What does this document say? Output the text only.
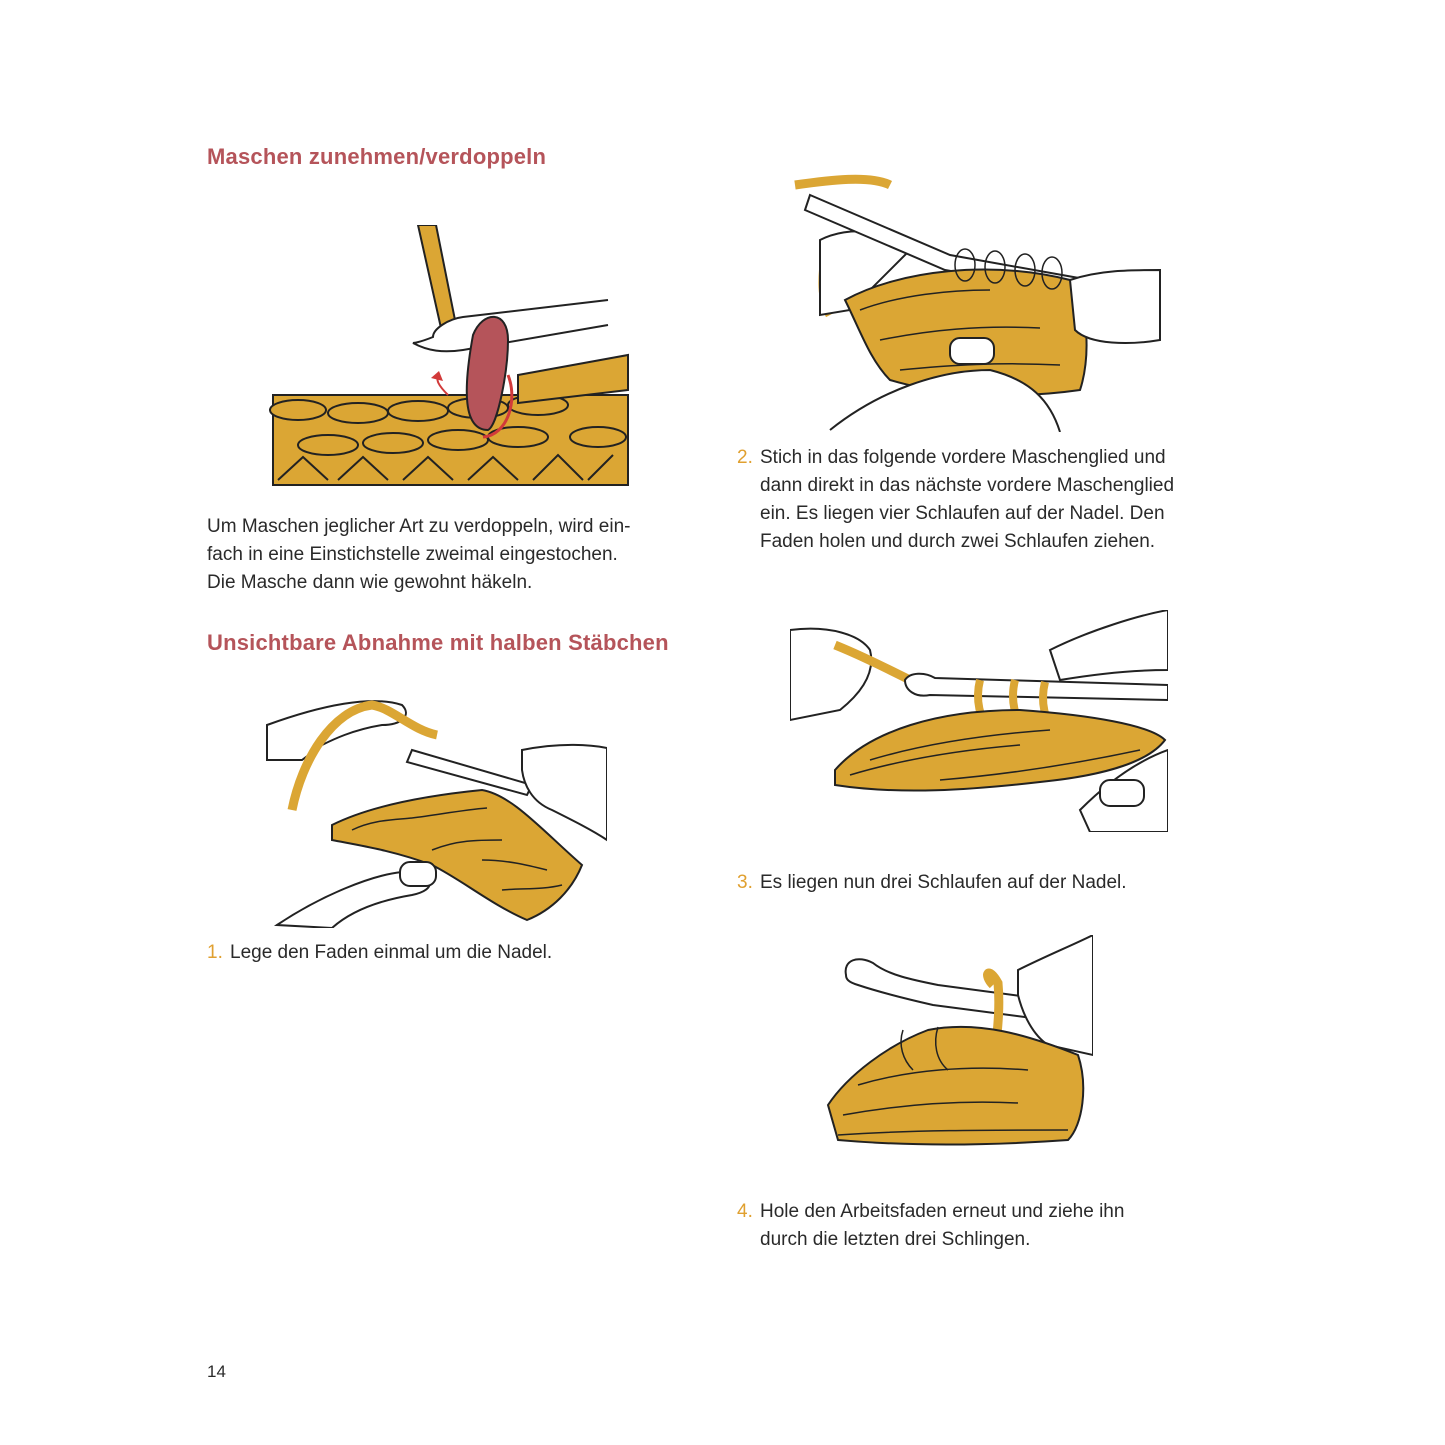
Maschen zunehmen/verdoppeln
Um Maschen jeglicher Art zu verdoppeln, wird ein-
fach in eine Einstichstelle zweimal eingestochen.
Die Masche dann wie gewohnt häkeln.
Unsichtbare Abnahme mit halben Stäbchen
1. Lege den Faden einmal um die Nadel.
14
2. Stich in das folgende vordere Maschenglied und
dann direkt in das nächste vordere Maschenglied
ein. Es liegen vier Schlaufen auf der Nadel. Den
Faden holen und durch zwei Schlaufen ziehen.
3. Es liegen nun drei Schlaufen auf der Nadel.
4. Hole den Arbeitsfaden erneut und ziehe ihn
durch die letzten drei Schlingen.
